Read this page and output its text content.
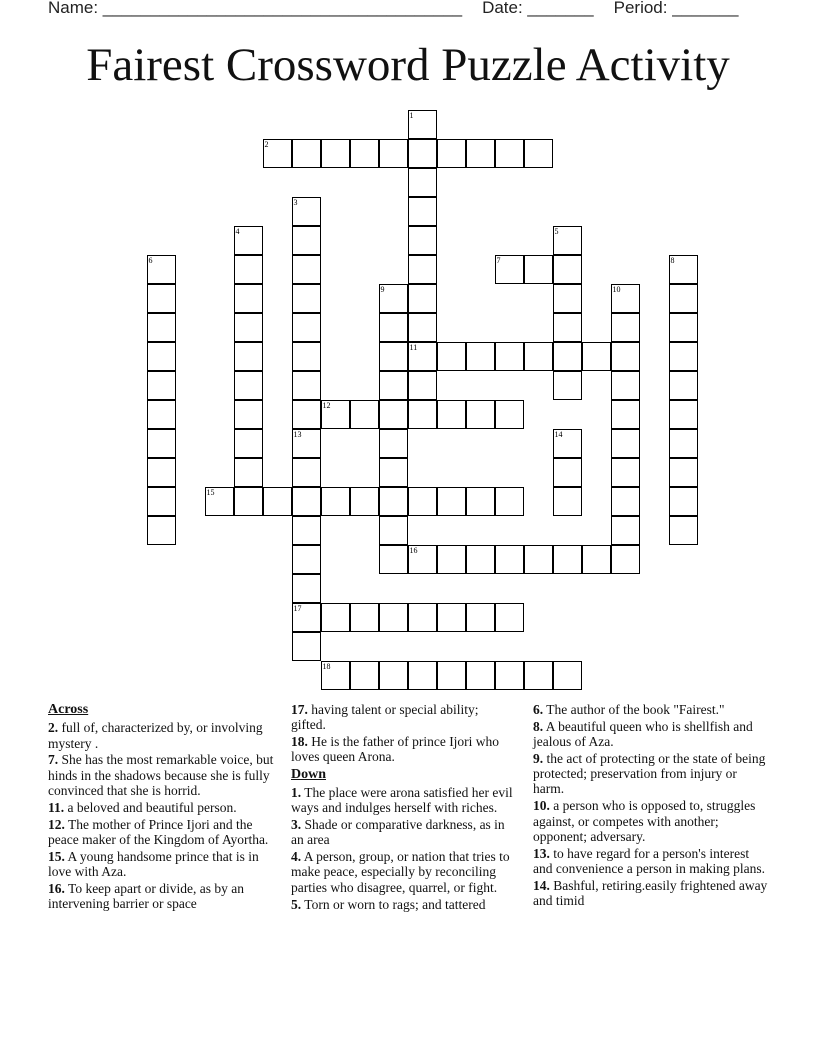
Name: ______________________________________ Date: _______ Period: _______
Fairest Crossword Puzzle Activity
1
11
2
3
4	5
6	7	8
9	10
12
13
17
14
15
16
18
Across
2. full of, characterized by, or involving mystery .
7. She has the most remarkable voice, but hinds in the shadows because she is fully convinced that she is horrid.
11. a beloved and beautiful person.
12. The mother of Prince Ijori and the peace maker of the Kingdom of Ayortha.
15. A young handsome prince that is in love with Aza.
16. To keep apart or divide, as by an intervening barrier or space
17. having talent or special ability; gifted.
18. He is the father of prince Ijori who loves queen Arona.
Down
1. The place were arona satisfied her evil ways and indulges herself with riches.
3. Shade or comparative darkness, as in an area
4. A person, group, or nation that tries to make peace, especially by reconciling parties who disagree, quarrel, or fight.
5. Torn or worn to rags; and tattered
6. The author of the book "Fairest."
8. A beautiful queen who is shellfish and jealous of Aza.
9. the act of protecting or the state of being protected; preservation from injury or harm.
10. a person who is opposed to, struggles against, or competes with another; opponent; adversary.
13. to have regard for a person's interest and convenience a person in making plans.
14. Bashful, retiring.easily frightened away and timid
